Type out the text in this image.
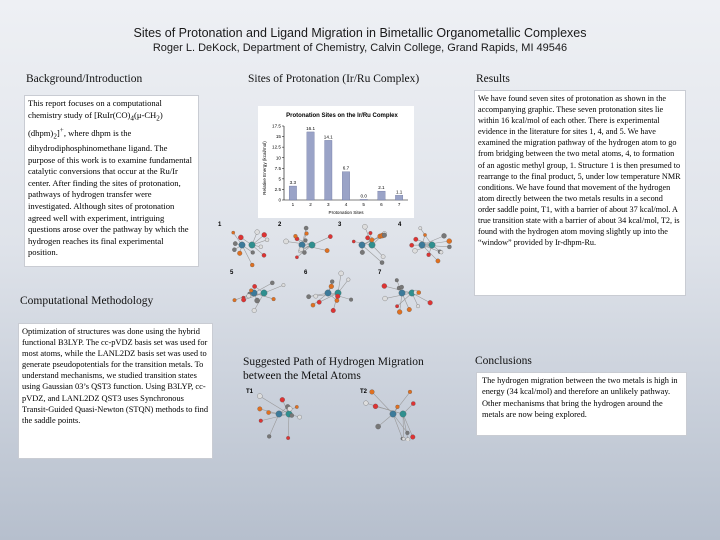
Sites of Protonation and Ligand Migration in Bimetallic Organometallic Complexes
Roger L. DeKock, Department of Chemistry, Calvin College, Grand Rapids, MI 49546
Background/Introduction
This report focuses on a computational chemistry study of $[RuIr(CO)_4(\mu-CH_2)(dhpm)_2]^+$, where dhpm is the dihydrodiphosphinomethane ligand. The purpose of this work is to examine fundamental catalytic conversions that occur at the Ru/Ir center. After finding the sites of protonation, pathways of hydrogen transfer were investigated. Although sites of protonation agreed well with experiment, intriguing questions arose over the pathway by which the hydrogen reaches its final experimental position.
Computational Methodology
Optimization of structures was done using the hybrid functional B3LYP. The cc-pVDZ basis set was used for most atoms, while the LANL2DZ basis set was used to generate pseudopotentials for the transition metals. To understand mechanisms, we studied transition states using Gaussian 03’s QST3 function. Using B3LYP, cc-pVDZ, and LANL2DZ QST3 uses Synchronous Transit-Guided Quasi-Newton (STQN) methods to find the saddle points.
Sites of Protonation (Ir/Ru Complex)
Protonation Sites on the Ir/Ru Complex
Relative Energy (kcal/mol)
Protonation Sites
0
2.5
5
7.5
10
12.5
15
17.5
3.3
16.1
14.1
6.7
0.0
2.1
1.1
1	2	3	4	5	6	7
1	2	3	4
5	6	7
Suggested Path of Hydrogen Migration between the Metal Atoms
T1	T2
Results
We have found seven sites of protonation as shown in the accompanying graphic. These seven protonation sites lie within 16 kcal/mol of each other. There is experimental evidence in the literature for sites 1, 4, and 5. We have examined the migration pathway of the hydrogen atom to go from bridging between the two metal atoms, 4, to formation of an agostic methyl group, 1. Structure 1 is then presumed to rearrange to the final product, 5, under low temperature NMR conditions. We have found that movement of the hydrogen atom directly between the two metals results in a second order saddle point, T1, with a barrier of about 37 kcal/mol. A true transition state with a barrier of about 34 kcal/mol, T2, is found with the hydrogen atom moving slightly up into the “window” provided by Ir-dhpm-Ru.
Conclusions
The hydrogen migration between the two metals is high in energy (34 kcal/mol) and therefore an unlikely pathway. Other mechanisms that bring the hydrogen around the metals are now being explored.
